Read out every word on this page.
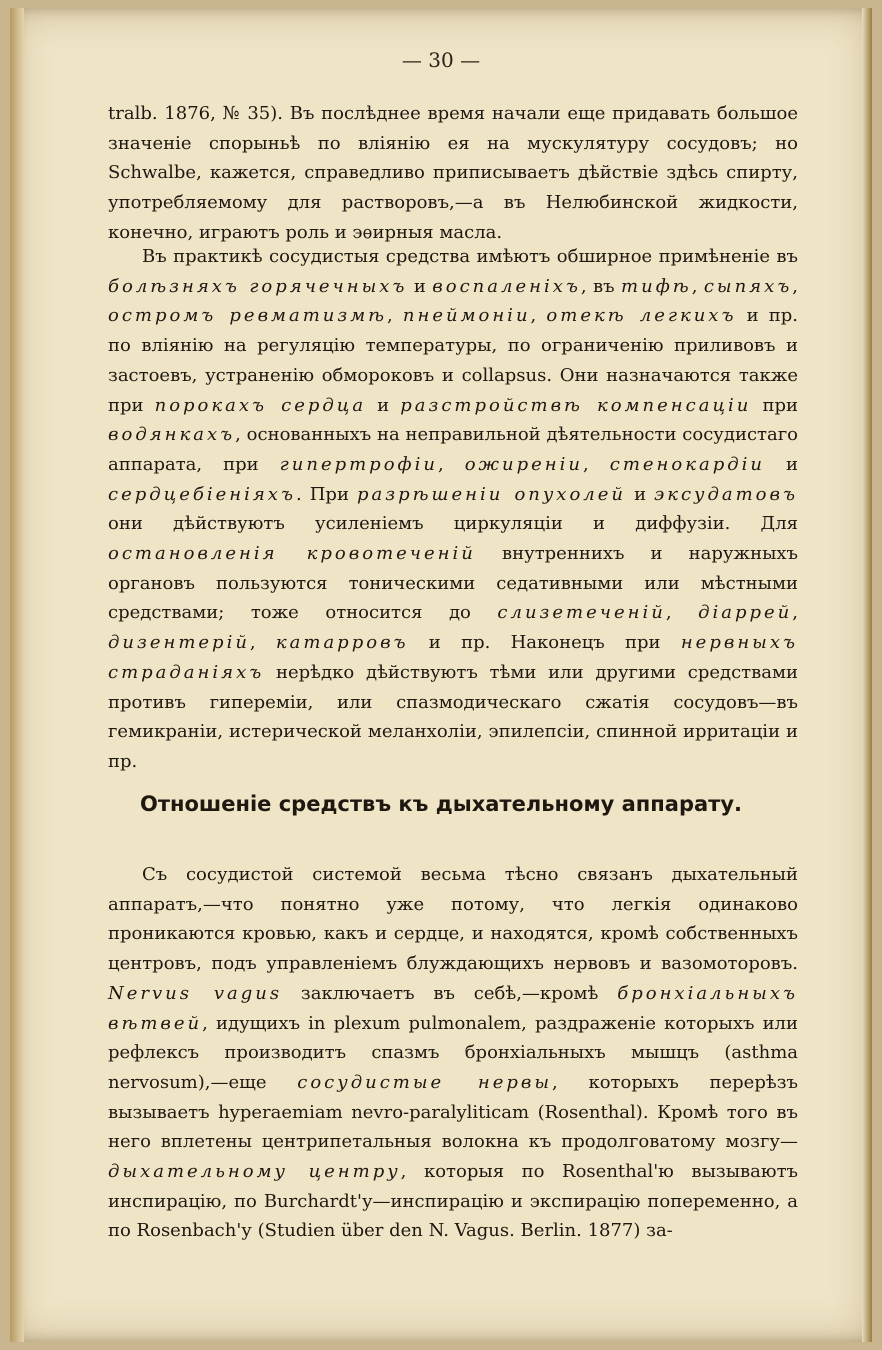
— 30 —

tralb. 1876, № 35). Въ послѣднее время начали еще придавать большое значеніе спорыньѣ по вліянію ея на мускулятуру сосудовъ; но Schwalbe, кажется, справедливо приписываетъ дѣйствіе здѣсь спирту, употребляемому для растворовъ,—а въ Нелюбинской жидкости, конечно, играютъ роль и эѳирныя масла.

Въ практикѣ сосудистыя средства имѣютъ обширное примѣненіе въ болѣзняхъ горячечныхъ и воспаленіхъ, въ тифѣ, сыпяхъ, остромъ ревматизмѣ, пнеймоніи, отекѣ легкихъ и пр. по вліянію на регуляцію температуры, по ограниченію приливовъ и застоевъ, устраненію обмороковъ и collapsus. Они назначаются также при порокахъ сердца и разстройствѣ компенсаціи при водянкахъ, основанныхъ на неправильной дѣятельности сосудистаго аппарата, при гипертрофіи, ожиреніи, стенокардіи и сердцебіеніяхъ. При разрѣшеніи опухолей и эксудатовъ они дѣйствуютъ усиленіемъ циркуляціи и диффузіи. Для остановленія кровотеченій внутреннихъ и наружныхъ органовъ пользуются тоническими седативными или мѣстными средствами; тоже относится до слизетеченій, діаррей, дизентерій, катарровъ и пр. Наконецъ при нервныхъ страданіяхъ нерѣдко дѣйствуютъ тѣми или другими средствами противъ гипереміи, или спазмодическаго сжатія сосудовъ—въ гемикраніи, истерической меланхоліи, эпилепсіи, спинной ирритаціи и пр.

Отношеніе средствъ къ дыхательному аппарату.

Съ сосудистой системой весьма тѣсно связанъ дыхательный аппаратъ,—что понятно уже потому, что легкія одинаково проникаются кровью, какъ и сердце, и находятся, кромѣ собственныхъ центровъ, подъ управленіемъ блуждающихъ нервовъ и вазомоторовъ. Nervus vagus заключаетъ въ себѣ,—кромѣ бронхіальныхъ вѣтвей, идущихъ in plexum pulmonalem, раздраженіе которыхъ или рефлексъ производитъ спазмъ бронхіальныхъ мышцъ (asthma nervosum),—еще сосудистые нервы, которыхъ перерѣзъ вызываетъ hyperaemiam nevro-paralyliticam (Rosenthal). Кромѣ того въ него вплетены центрипетальныя волокна къ продолговатому мозгу—дыхательному центру, которыя по Rosenthal'ю вызываютъ инспирацію, по Burchardt'у—инспирацію и экспирацію попеременно, а по Rosenbach'у (Studien über den N. Vagus. Berlin. 1877) за-
